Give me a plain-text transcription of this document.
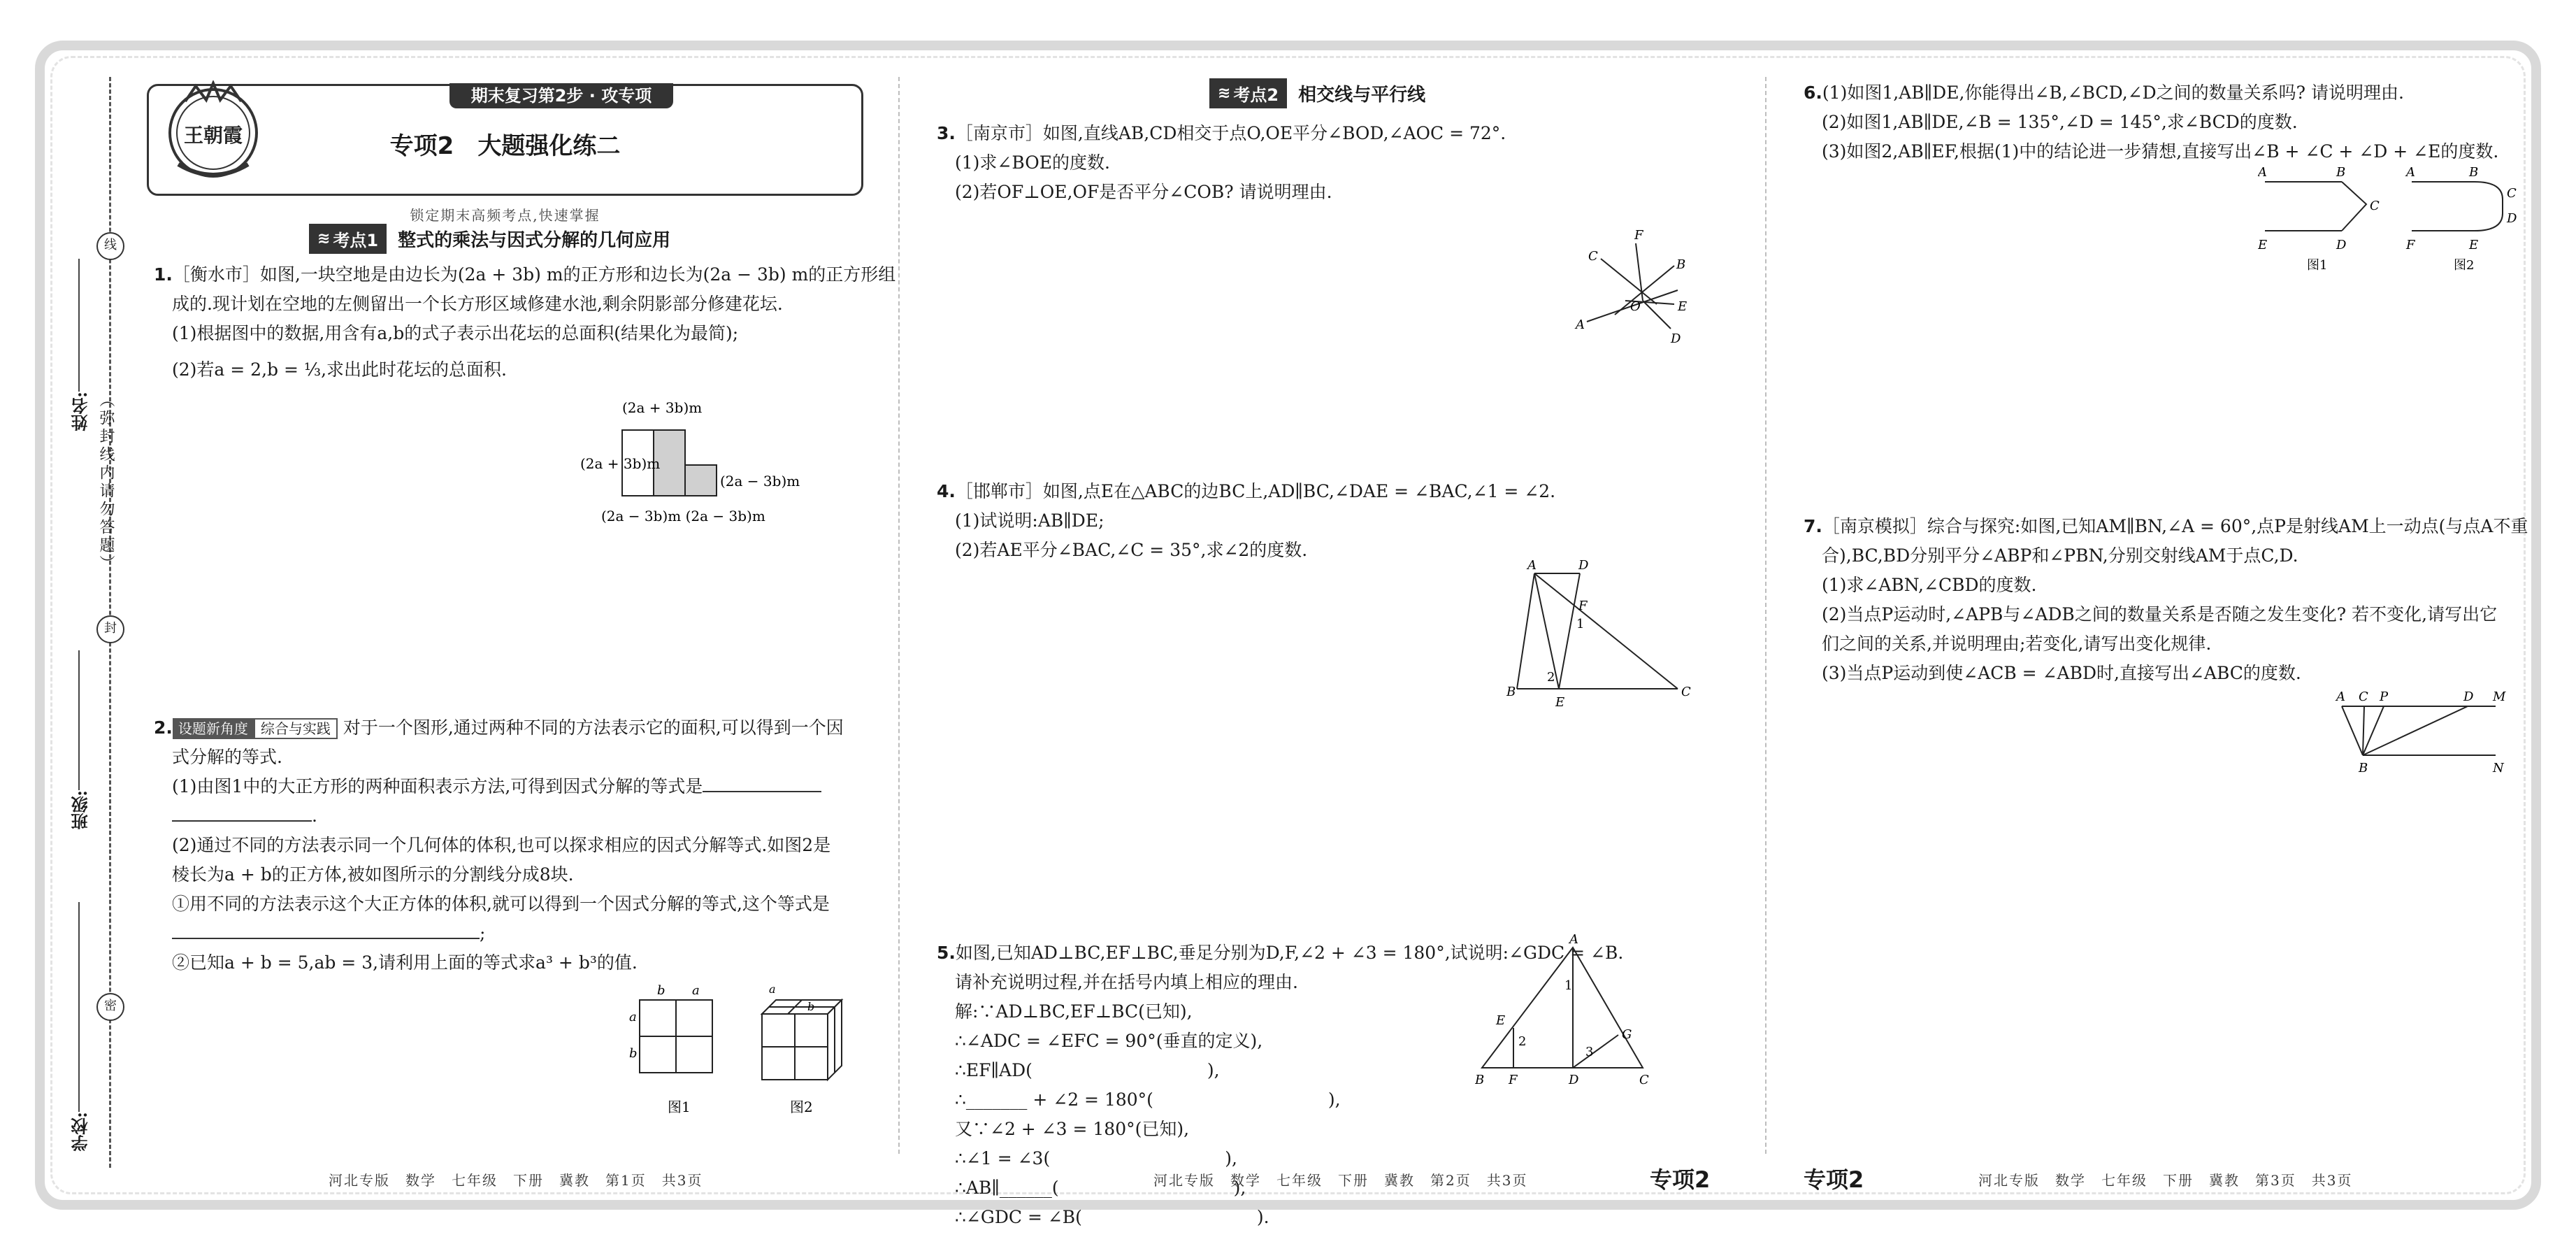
线
封
密
姓名:
班级:
学校:
（弥封线内请勿答题）
期末复习第2步 · 攻专项
专项2　大题强化练二
王朝霞
锁定期末高频考点,快速掌握
≋ 考点1 整式的乘法与因式分解的几何应用
1.［衡水市］如图,一块空地是由边长为(2a + 3b) m的正方形和边长为(2a − 3b) m的正方形组
成的.现计划在空地的左侧留出一个长方形区域修建水池,剩余阴影部分修建花坛.
(1)根据图中的数据,用含有a,b的式子表示出花坛的总面积(结果化为最简);
(2)若a = 2,b = ⅓,求出此时花坛的总面积.
(2a + 3b)m
(2a + 3b)m
(2a − 3b)m
(2a − 3b)m (2a − 3b)m
2. 设题新角度 综合与实践 对于一个图形,通过两种不同的方法表示它的面积,可以得到一个因
式分解的等式.
(1)由图1中的大正方形的两种面积表示方法,可得到因式分解的等式是
.
(2)通过不同的方法表示同一个几何体的体积,也可以探求相应的因式分解等式.如图2是
棱长为a + b的正方体,被如图所示的分割线分成8块.
①用不同的方法表示这个大正方体的体积,就可以得到一个因式分解的等式,这个等式是
;
②已知a + b = 5,ab = 3,请利用上面的等式求a³ + b³的值.
b a
a
b
图1
a
b
图2
≋ 考点2 相交线与平行线
3.［南京市］如图,直线AB,CD相交于点O,OE平分∠BOD,∠AOC = 72°.
(1)求∠BOE的度数.
(2)若OF⊥OE,OF是否平分∠COB? 请说明理由.
C
F
B
E
A
O
D
4.［邯郸市］如图,点E在△ABC的边BC上,AD∥BC,∠DAE = ∠BAC,∠1 = ∠2.
(1)试说明:AB∥DE;
(2)若AE平分∠BAC,∠C = 35°,求∠2的度数.
A	D
F
1
2
B
E
C
5.如图,已知AD⊥BC,EF⊥BC,垂足分别为D,F,∠2 + ∠3 = 180°,试说明:∠GDC = ∠B.
请补充说明过程,并在括号内填上相应的理由.
解:∵AD⊥BC,EF⊥BC(已知),
∴∠ADC = ∠EFC = 90°(垂直的定义),
∴EF∥AD(　　　　　　　　　　),
∴_______ + ∠2 = 180°(　　　　　　　　　　),
又∵∠2 + ∠3 = 180°(已知),
∴∠1 = ∠3(　　　　　　　　　　),
∴AB∥______(　　　　　　　　　　),
∴∠GDC = ∠B(　　　　　　　　　　).
A
E
1
2
3
G
B F	D	C
6.(1)如图1,AB∥DE,你能得出∠B,∠BCD,∠D之间的数量关系吗? 请说明理由.
(2)如图1,AB∥DE,∠B = 135°,∠D = 145°,求∠BCD的度数.
(3)如图2,AB∥EF,根据(1)中的结论进一步猜想,直接写出∠B + ∠C + ∠D + ∠E的度数.
A	B
C
E	D
图1
A	B
C
D
F	E
图2
7.［南京模拟］综合与探究:如图,已知AM∥BN,∠A = 60°,点P是射线AM上一动点(与点A不重
合),BC,BD分别平分∠ABP和∠PBN,分别交射线AM于点C,D.
(1)求∠ABN,∠CBD的度数.
(2)当点P运动时,∠APB与∠ADB之间的数量关系是否随之发生变化? 若不变化,请写出它
们之间的关系,并说明理由;若变化,请写出变化规律.
(3)当点P运动到使∠ACB = ∠ABD时,直接写出∠ABC的度数.
A C P	D M
B	N
河北专版　数学　七年级　下册　冀教　第1页　共3页	河北专版　数学　七年级　下册　冀教　第2页　共3页	专项2	专项2	河北专版　数学　七年级　下册　冀教　第3页　共3页
